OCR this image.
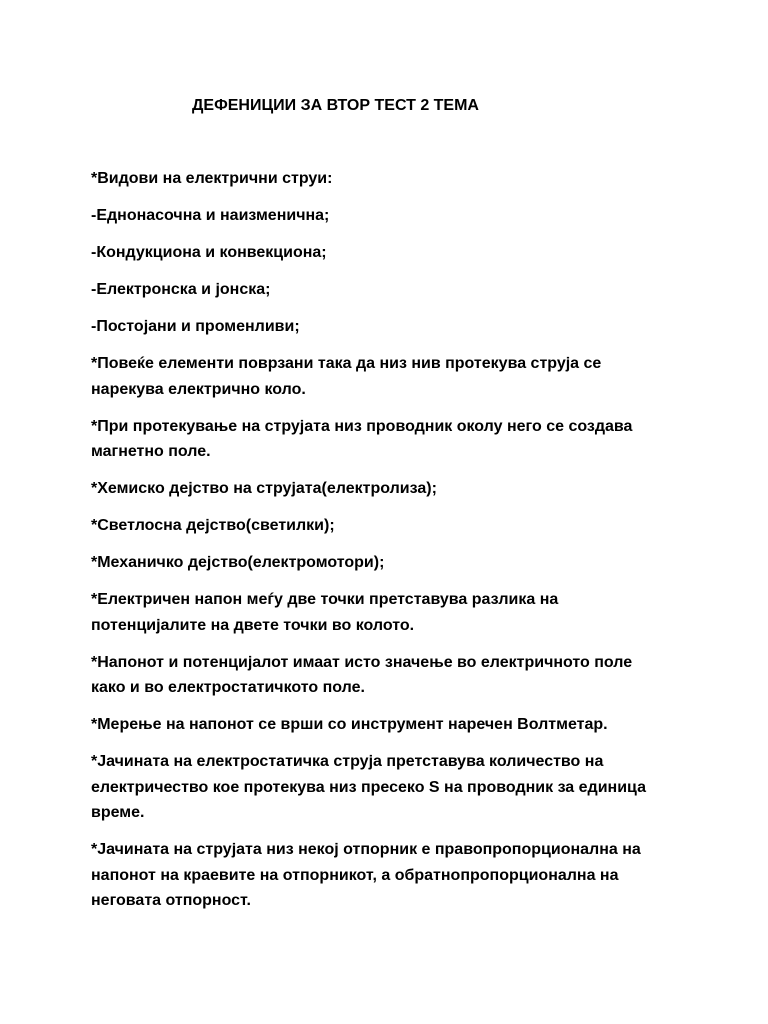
ДЕФЕНИЦИИ ЗА ВТОР ТЕСТ 2 ТЕМА

*Видови на електрични струи:

-Еднонасочна и наизменична;

-Кондукциона и конвекциона;

-Електронска и јонска;

-Постојани и променливи;

*Повеќе елементи поврзани така да низ нив протекува струја се
нарекува електрично коло.

*При протекување на струјата низ проводник околу него се создава
магнетно поле.

*Хемиско дејство на струјата(електролиза);

*Светлосна дејство(светилки);

*Механичко дејство(електромотори);

*Електричен напон меѓу две точки претставува разлика на
потенцијалите на двете точки во колото.

*Напонот и потенцијалот имаат исто значење во електричното поле
како и во електростатичкото поле.

*Мерење на напонот се врши со инструмент наречен Волтметар.

*Јачината на електростатичка струја претставува количество на
електричество кое протекува низ пресеко S на проводник за единица
време.

*Јачината на струјата низ некој отпорник е правопропорционална на
напонот на краевите на отпорникот, а обратнопропорционална на
неговата отпорност.
